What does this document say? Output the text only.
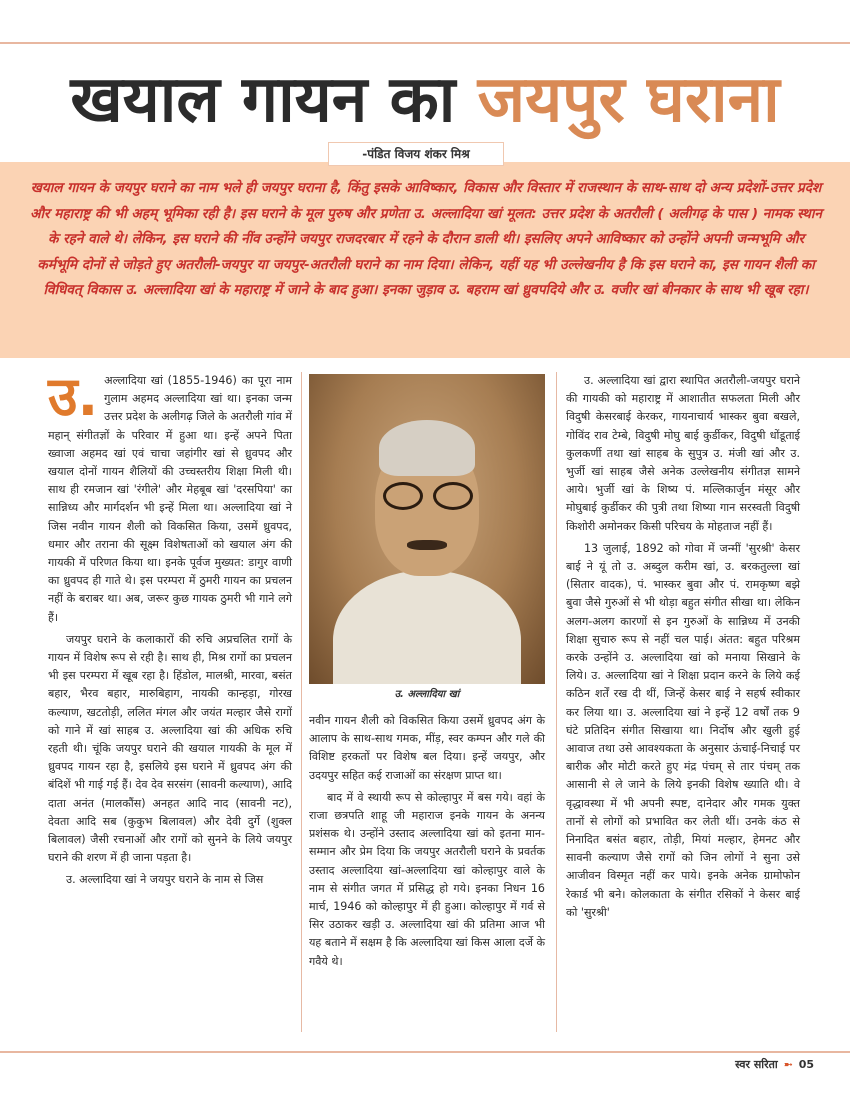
खयाल गायन का जयपुर घराना
-पंडित विजय शंकर मिश्र
खयाल गायन के जयपुर घराने का नाम भले ही जयपुर घराना है, किंतु इसके आविष्कार, विकास और विस्तार में राजस्थान के साथ-साथ दो अन्य प्रदेशों-उत्तर प्रदेश और महाराष्ट्र की भी अहम् भूमिका रही है। इस घराने के मूल पुरुष और प्रणेता उ. अल्लादिया खां मूलत: उत्तर प्रदेश के अतरौली ( अलीगढ़ के पास ) नामक स्थान के रहने वाले थे। लेकिन, इस घराने की नींव उन्होंने जयपुर राजदरबार में रहने के दौरान डाली थी। इसलिए अपने आविष्कार को उन्होंने अपनी जन्मभूमि और कर्मभूमि दोनों से जोड़ते हुए अतरौली-जयपुर या जयपुर-अतरौली घराने का नाम दिया। लेकिन, यहीं यह भी उल्लेखनीय है कि इस घराने का, इस गायन शैली का विधिवत् विकास उ. अल्लादिया खां के महाराष्ट्र में जाने के बाद हुआ। इनका जुड़ाव उ. बहराम खां ध्रुवपदिये और उ. वजीर खां बीनकार के साथ भी खूब रहा।

उ. अल्लादिया खां (1855-1946) का पूरा नाम गुलाम अहमद अल्लादिया खां था। इनका जन्म उत्तर प्रदेश के अलीगढ़ जिले के अतरौली गांव में महान् संगीतज्ञों के परिवार में हुआ था। इन्हें अपने पिता ख्वाजा अहमद खां एवं चाचा जहांगीर खां से ध्रुवपद और खयाल दोनों गायन शैलियों की उच्चस्तरीय शिक्षा मिली थी। साथ ही रमजान खां 'रंगीले' और मेहबूब खां 'दरसपिया' का सान्निध्य और मार्गदर्शन भी इन्हें मिला था। अल्लादिया खां ने जिस नवीन गायन शैली को विकसित किया, उसमें ध्रुवपद, धमार और तराना की सूक्ष्म विशेषताओं को खयाल अंग की गायकी में परिणत किया था। इनके पूर्वज मुख्यत: डागुर वाणी का ध्रुवपद ही गाते थे। इस परम्परा में ठुमरी गायन का प्रचलन नहीं के बराबर था। अब, जरूर कुछ गायक ठुमरी भी गाने लगे हैं।

जयपुर घराने के कलाकारों की रुचि अप्रचलित रागों के गायन में विशेष रूप से रही है। साथ ही, मिश्र रागों का प्रचलन भी इस परम्परा में खूब रहा है। हिंडोल, मालश्री, मारवा, बसंत बहार, भैरव बहार, मारुबिहाग, नायकी कान्हड़ा, गोरख कल्याण, खटतोड़ी, ललित मंगल और जयंत मल्हार जैसे रागों को गाने में खां साहब उ. अल्लादिया खां की अधिक रुचि रहती थी। चूंकि जयपुर घराने की खयाल गायकी के मूल में ध्रुवपद गायन रहा है, इसलिये इस घराने में ध्रुवपद अंग की बंदिशें भी गाई गई हैं। देव देव सरसंग (सावनी कल्याण), आदि दाता अनंत (मालकौंस) अनहत आदि नाद (सावनी नट), देवता आदि सब (कुकुभ बिलावल) और देवी दुर्गे (शुक्ल बिलावल) जैसी रचनाओं और रागों को सुनने के लिये जयपुर घराने की शरण में ही जाना पड़ता है।

उ. अल्लादिया खां ने जयपुर घराने के नाम से जिस

उ. अल्लादिया खां

नवीन गायन शैली को विकसित किया उसमें ध्रुवपद अंग के आलाप के साथ-साथ गमक, मींड़, स्वर कम्पन और गले की विशिष्ट हरकतों पर विशेष बल दिया। इन्हें जयपुर, और उदयपुर सहित कई राजाओं का संरक्षण प्राप्त था।

बाद में वे स्थायी रूप से कोल्हापुर में बस गये। वहां के राजा छत्रपति शाहू जी महाराज इनके गायन के अनन्य प्रशंसक थे। उन्होंने उस्ताद अल्लादिया खां को इतना मान-सम्मान और प्रेम दिया कि जयपुर अतरौली घराने के प्रवर्तक उस्ताद अल्लादिया खां-अल्लादिया खां कोल्हापुर वाले के नाम से संगीत जगत में प्रसिद्ध हो गये। इनका निधन 16 मार्च, 1946 को कोल्हापुर में ही हुआ। कोल्हापुर में गर्व से सिर उठाकर खड़ी उ. अल्लादिया खां की प्रतिमा आज भी यह बताने में सक्षम है कि अल्लादिया खां किस आला दर्जे के गवैये थे।

उ. अल्लादिया खां द्वारा स्थापित अतरौली-जयपुर घराने की गायकी को महाराष्ट्र में आशातीत सफलता मिली और विदुषी केसरबाई केरकर, गायनाचार्य भास्कर बुवा बखले, गोविंद राव टेम्बे, विदुषी मोघु बाई कुर्डीकर, विदुषी धोंडूताई कुलकर्णी तथा खां साहब के सुपुत्र उ. मंजी खां और उ. भुर्जी खां साहब जैसे अनेक उल्लेखनीय संगीतज्ञ सामने आये। भुर्जी खां के शिष्य पं. मल्लिकार्जुन मंसूर और मोघुबाई कुर्डीकर की पुत्री तथा शिष्या गान सरस्वती विदुषी किशोरी अमोनकर किसी परिचय के मोहताज नहीं हैं।

13 जुलाई, 1892 को गोवा में जन्मीं 'सुरश्री' केसर बाई ने यूं तो उ. अब्दुल करीम खां, उ. बरकतुल्ला खां (सितार वादक), पं. भास्कर बुवा और पं. रामकृष्ण बझे बुवा जैसे गुरुओं से भी थोड़ा बहुत संगीत सीखा था। लेकिन अलग-अलग कारणों से इन गुरुओं के सान्निध्य में उनकी शिक्षा सुचारु रूप से नहीं चल पाई। अंतत: बहुत परिश्रम करके उन्होंने उ. अल्लादिया खां को मनाया सिखाने के लिये। उ. अल्लादिया खां ने शिक्षा प्रदान करने के लिये कई कठिन शर्तें रख दी थीं, जिन्हें केसर बाई ने सहर्ष स्वीकार कर लिया था। उ. अल्लादिया खां ने इन्हें 12 वर्षों तक 9 घंटे प्रतिदिन संगीत सिखाया था। निर्दोष और खुली हुई आवाज तथा उसे आवश्यकता के अनुसार ऊंचाई-निचाई पर बारीक और मोटी करते हुए मंद्र पंचम् से तार पंचम् तक आसानी से ले जाने के लिये इनकी विशेष ख्याति थी। वे वृद्धावस्था में भी अपनी स्पष्ट, दानेदार और गमक युक्त तानों से लोगों को प्रभावित कर लेती थीं। उनके कंठ से निनादित बसंत बहार, तोड़ी, मियां मल्हार, हेमनट और सावनी कल्याण जैसे रागों को जिन लोगों ने सुना उसे आजीवन विस्मृत नहीं कर पाये। इनके अनेक ग्रामोफोन रेकार्ड भी बने। कोलकाता के संगीत रसिकों ने केसर बाई को 'सुरश्री'

स्वर सरिता ➼ 05
